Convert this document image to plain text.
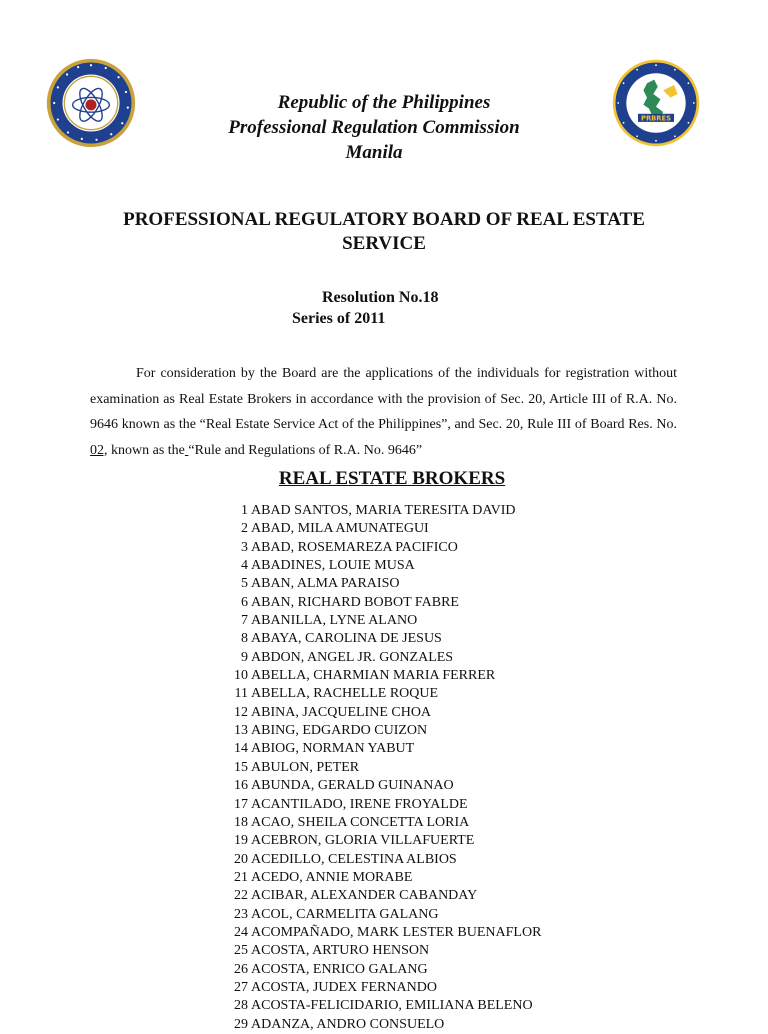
PRBRES
Republic of the Philippines
Professional Regulation Commission
Manila
PROFESSIONAL REGULATORY BOARD OF REAL ESTATE SERVICE
Resolution No.18
Series of 2011
For consideration by the Board are the applications of the individuals for registration without examination as Real Estate Brokers in accordance with the provision of Sec. 20, Article III of R.A. No. 9646 known as the “Real Estate Service Act of the Philippines”, and Sec. 20, Rule III of Board Res. No. 02, known as the “Rule and Regulations of R.A. No. 9646”
REAL ESTATE BROKERS
1 ABAD SANTOS, MARIA TERESITA DAVID
2 ABAD, MILA AMUNATEGUI
3 ABAD, ROSEMAREZA PACIFICO
4 ABADINES, LOUIE MUSA
5 ABAN, ALMA PARAISO
6 ABAN, RICHARD BOBOT FABRE
7 ABANILLA, LYNE ALANO
8 ABAYA, CAROLINA DE JESUS
9 ABDON, ANGEL JR. GONZALES
10 ABELLA, CHARMIAN MARIA FERRER
11 ABELLA, RACHELLE ROQUE
12 ABINA, JACQUELINE CHOA
13 ABING, EDGARDO CUIZON
14 ABIOG, NORMAN YABUT
15 ABULON, PETER
16 ABUNDA, GERALD GUINANAO
17 ACANTILADO, IRENE FROYALDE
18 ACAO, SHEILA CONCETTA LORIA
19 ACEBRON, GLORIA VILLAFUERTE
20 ACEDILLO, CELESTINA ALBIOS
21 ACEDO, ANNIE MORABE
22 ACIBAR, ALEXANDER CABANDAY
23 ACOL, CARMELITA GALANG
24 ACOMPAÑADO, MARK LESTER BUENAFLOR
25 ACOSTA, ARTURO HENSON
26 ACOSTA, ENRICO GALANG
27 ACOSTA, JUDEX FERNANDO
28 ACOSTA-FELICIDARIO, EMILIANA BELENO
29 ADANZA, ANDRO CONSUELO
